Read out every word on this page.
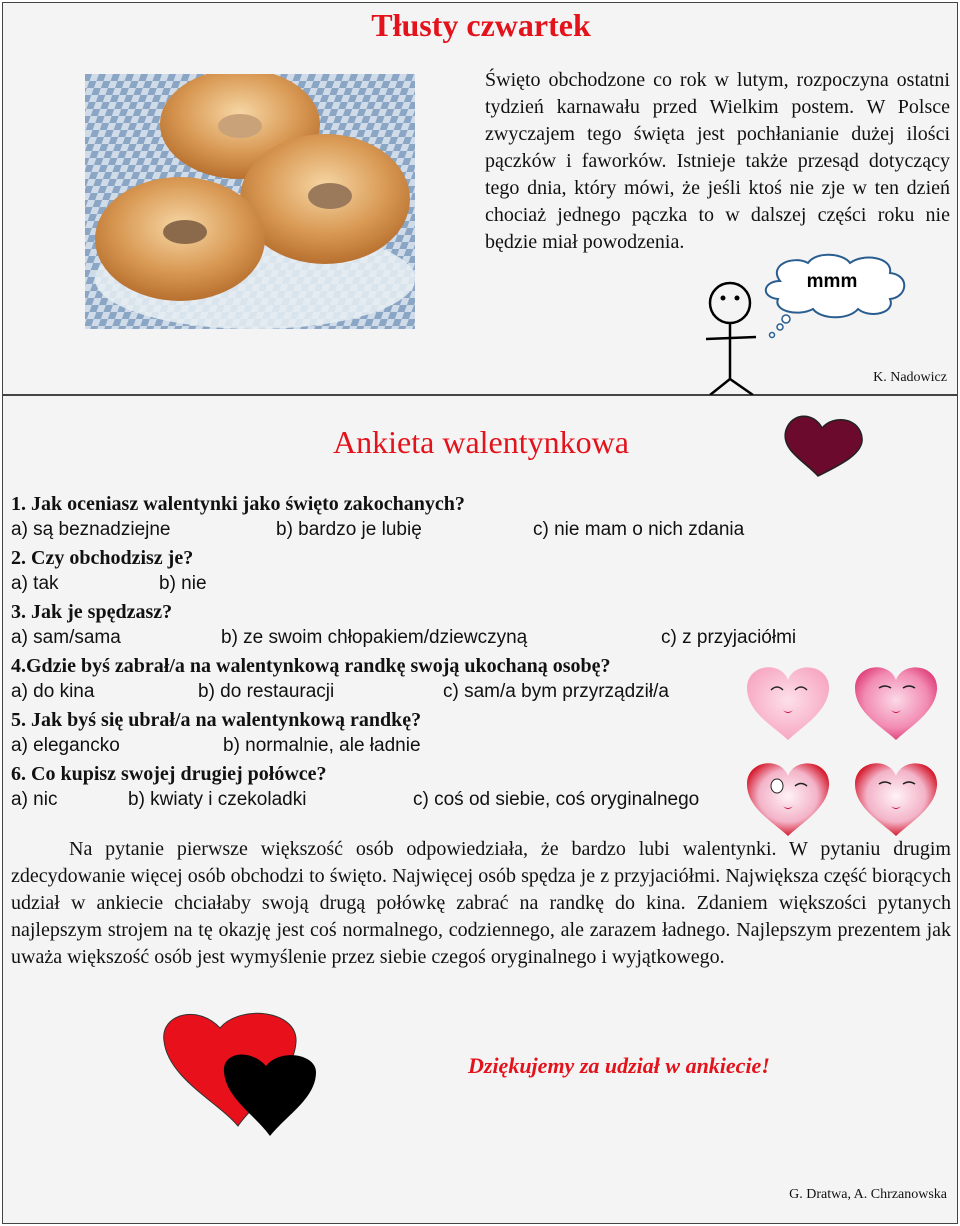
Tłusty czwartek
Święto obchodzone co rok w lutym, rozpoczyna ostatni tydzień karnawału przed Wielkim postem. W Polsce zwyczajem tego święta jest pochłanianie dużej ilości pączków i faworków. Istnieje także przesąd dotyczący tego dnia, który mówi, że jeśli ktoś nie zje w ten dzień chociaż jednego pączka to w dalszej części roku nie będzie miał powodzenia.
mmm
K. Nadowicz
Ankieta walentynkowa
1. Jak oceniasz walentynki jako święto zakochanych?
a) są beznadziejne	b) bardzo je lubię	c) nie mam o nich zdania
2. Czy obchodzisz je?
a) tak	b) nie
3. Jak je spędzasz?
a) sam/sama	b) ze swoim chłopakiem/dziewczyną	c) z przyjaciółmi
4.Gdzie byś zabrał/a na walentynkową randkę swoją ukochaną osobę?
a) do kina	b) do restauracji	c) sam/a bym przyrządził/a
5. Jak byś się ubrał/a na walentynkową randkę?
a) elegancko	b) normalnie, ale ładnie
6. Co kupisz swojej drugiej połówce?
a) nic	b) kwiaty i czekoladki	c) coś od siebie, coś oryginalnego
Na pytanie pierwsze większość osób odpowiedziała, że bardzo lubi walentynki. W pytaniu drugim zdecydowanie więcej osób obchodzi to święto. Najwięcej osób spędza je z przyjaciółmi. Największa część biorących udział w ankiecie chciałaby swoją drugą połówkę zabrać na randkę do kina. Zdaniem większości pytanych najlepszym strojem na tę okazję jest coś normalnego, codziennego, ale zarazem ładnego. Najlepszym prezentem jak uważa większość osób jest wymyślenie przez siebie czegoś oryginalnego i wyjątkowego.
Dziękujemy za udział w ankiecie!
G. Dratwa, A. Chrzanowska
